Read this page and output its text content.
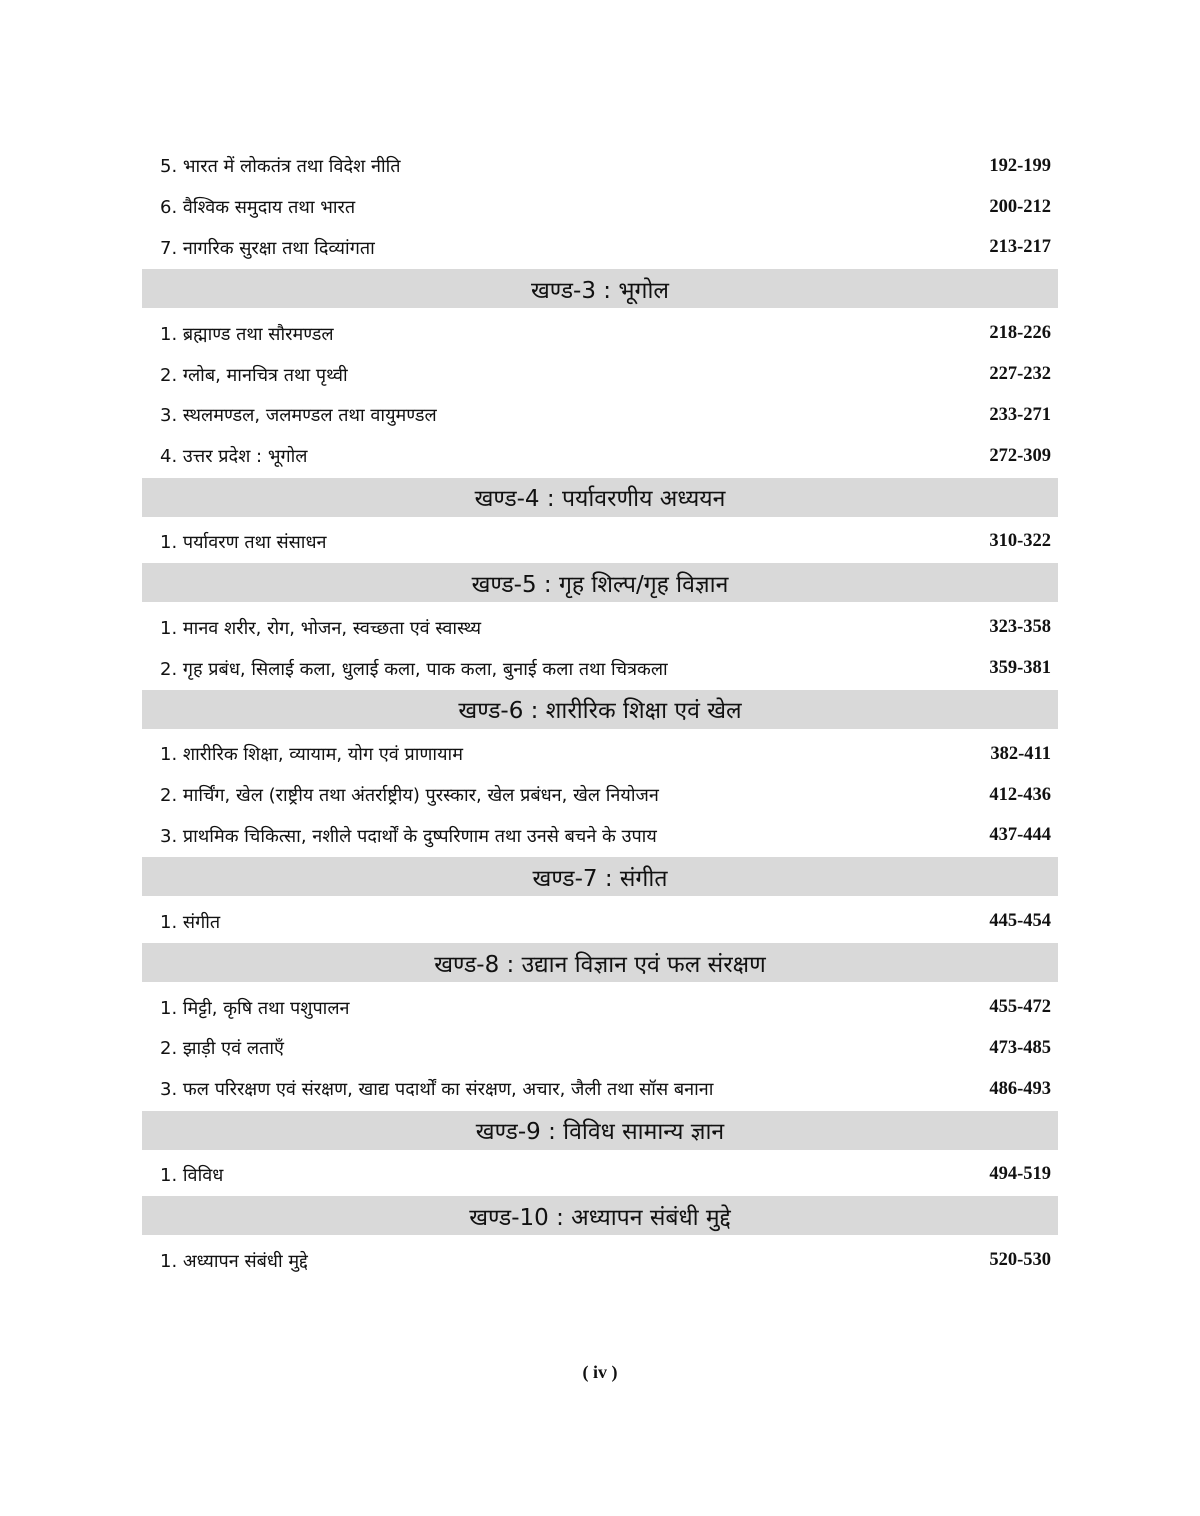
5. भारत में लोकतंत्र तथा विदेश नीति	192-199
6. वैश्विक समुदाय तथा भारत	200-212
7. नागरिक सुरक्षा तथा दिव्यांगता	213-217
खण्ड-3 : भूगोल
1. ब्रह्माण्ड तथा सौरमण्डल	218-226
2. ग्लोब, मानचित्र तथा पृथ्वी	227-232
3. स्थलमण्डल, जलमण्डल तथा वायुमण्डल	233-271
4. उत्तर प्रदेश : भूगोल	272-309
खण्ड-4 : पर्यावरणीय अध्ययन
1. पर्यावरण तथा संसाधन	310-322
खण्ड-5 : गृह शिल्प/गृह विज्ञान
1. मानव शरीर, रोग, भोजन, स्वच्छता एवं स्वास्थ्य	323-358
2. गृह प्रबंध, सिलाई कला, धुलाई कला, पाक कला, बुनाई कला तथा चित्रकला	359-381
खण्ड-6 : शारीरिक शिक्षा एवं खेल
1. शारीरिक शिक्षा, व्यायाम, योग एवं प्राणायाम	382-411
2. मार्चिंग, खेल (राष्ट्रीय तथा अंतर्राष्ट्रीय) पुरस्कार, खेल प्रबंधन, खेल नियोजन	412-436
3. प्राथमिक चिकित्सा, नशीले पदार्थों के दुष्परिणाम तथा उनसे बचने के उपाय	437-444
खण्ड-7 : संगीत
1. संगीत	445-454
खण्ड-8 : उद्यान विज्ञान एवं फल संरक्षण
1. मिट्टी, कृषि तथा पशुपालन	455-472
2. झाड़ी एवं लताएँ	473-485
3. फल परिरक्षण एवं संरक्षण, खाद्य पदार्थों का संरक्षण, अचार, जैली तथा सॉस बनाना	486-493
खण्ड-9 : विविध सामान्य ज्ञान
1. विविध	494-519
खण्ड-10 : अध्यापन संबंधी मुद्दे
1. अध्यापन संबंधी मुद्दे	520-530
( iv )
